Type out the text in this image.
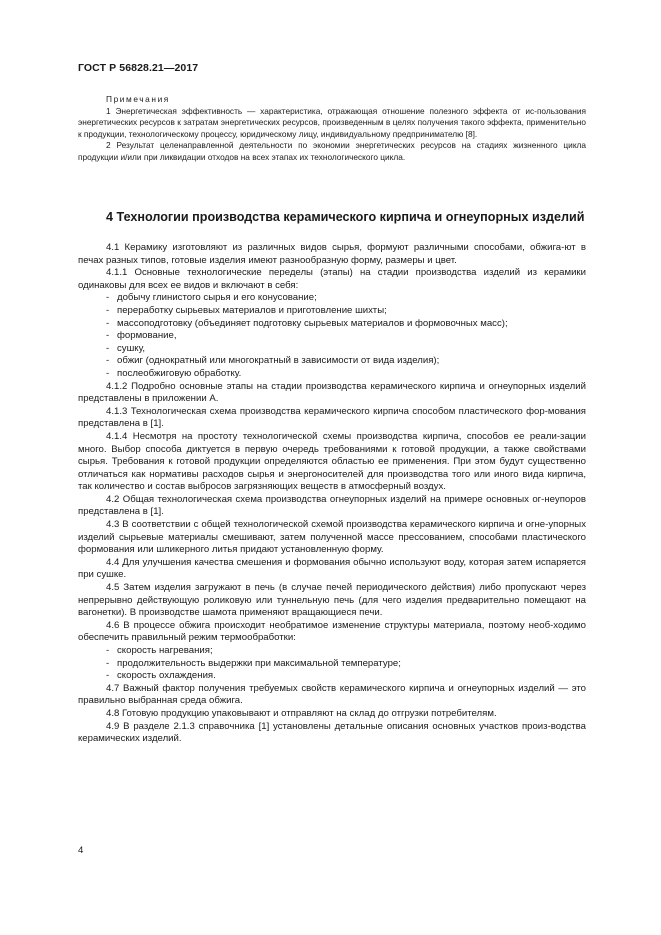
ГОСТ Р 56828.21—2017
Примечания

1 Энергетическая эффективность — характеристика, отражающая отношение полезного эффекта от ис-пользования энергетических ресурсов к затратам энергетических ресурсов, произведенным в целях получения такого эффекта, применительно к продукции, технологическому процессу, юридическому лицу, индивидуальному предпринимателю [8].

2 Результат целенаправленной деятельности по экономии энергетических ресурсов на стадиях жизненного цикла продукции и/или при ликвидации отходов на всех этапах их технологического цикла.

4 Технологии производства керамического кирпича и огнеупорных изделий

4.1 Керамику изготовляют из различных видов сырья, формуют различными способами, обжига-ют в печах разных типов, готовые изделия имеют разнообразную форму, размеры и цвет.

4.1.1 Основные технологические переделы (этапы) на стадии производства изделий из керамики одинаковы для всех ее видов и включают в себя:

- добычу глинистого сырья и его конусование;

- переработку сырьевых материалов и приготовление шихты;

- массоподготовку (объединяет подготовку сырьевых материалов и формовочных масс);

- формование,

- сушку,

- обжиг (однократный или многократный в зависимости от вида изделия);

- послеобжиговую обработку.

4.1.2 Подробно основные этапы на стадии производства керамического кирпича и огнеупорных изделий представлены в приложении А.

4.1.3 Технологическая схема производства керамического кирпича способом пластического фор-мования представлена в [1].

4.1.4 Несмотря на простоту технологической схемы производства кирпича, способов ее реали-зации много. Выбор способа диктуется в первую очередь требованиями к готовой продукции, а также свойствами сырья. Требования к готовой продукции определяются областью ее применения. При этом будут существенно отличаться как нормативы расходов сырья и энергоносителей для производства того или иного вида кирпича, так количество и состав выбросов загрязняющих веществ в атмосферный воздух.

4.2 Общая технологическая схема производства огнеупорных изделий на примере основных ог-неупоров представлена в [1].

4.3 В соответствии с общей технологической схемой производства керамического кирпича и огне-упорных изделий сырьевые материалы смешивают, затем полученной массе прессованием, способами пластического формования или шликерного литья придают установленную форму.

4.4 Для улучшения качества смешения и формования обычно используют воду, которая затем испаряется при сушке.

4.5 Затем изделия загружают в печь (в случае печей периодического действия) либо пропускают через непрерывно действующую роликовую или туннельную печь (для чего изделия предварительно помещают на вагонетки). В производстве шамота применяют вращающиеся печи.

4.6 В процессе обжига происходит необратимое изменение структуры материала, поэтому необ-ходимо обеспечить правильный режим термообработки:

- скорость нагревания;

- продолжительность выдержки при максимальной температуре;

- скорость охлаждения.

4.7 Важный фактор получения требуемых свойств керамического кирпича и огнеупорных изделий — это правильно выбранная среда обжига.

4.8 Готовую продукцию упаковывают и отправляют на склад до отгрузки потребителям.

4.9 В разделе 2.1.3 справочника [1] установлены детальные описания основных участков произ-водства керамических изделий.

4
